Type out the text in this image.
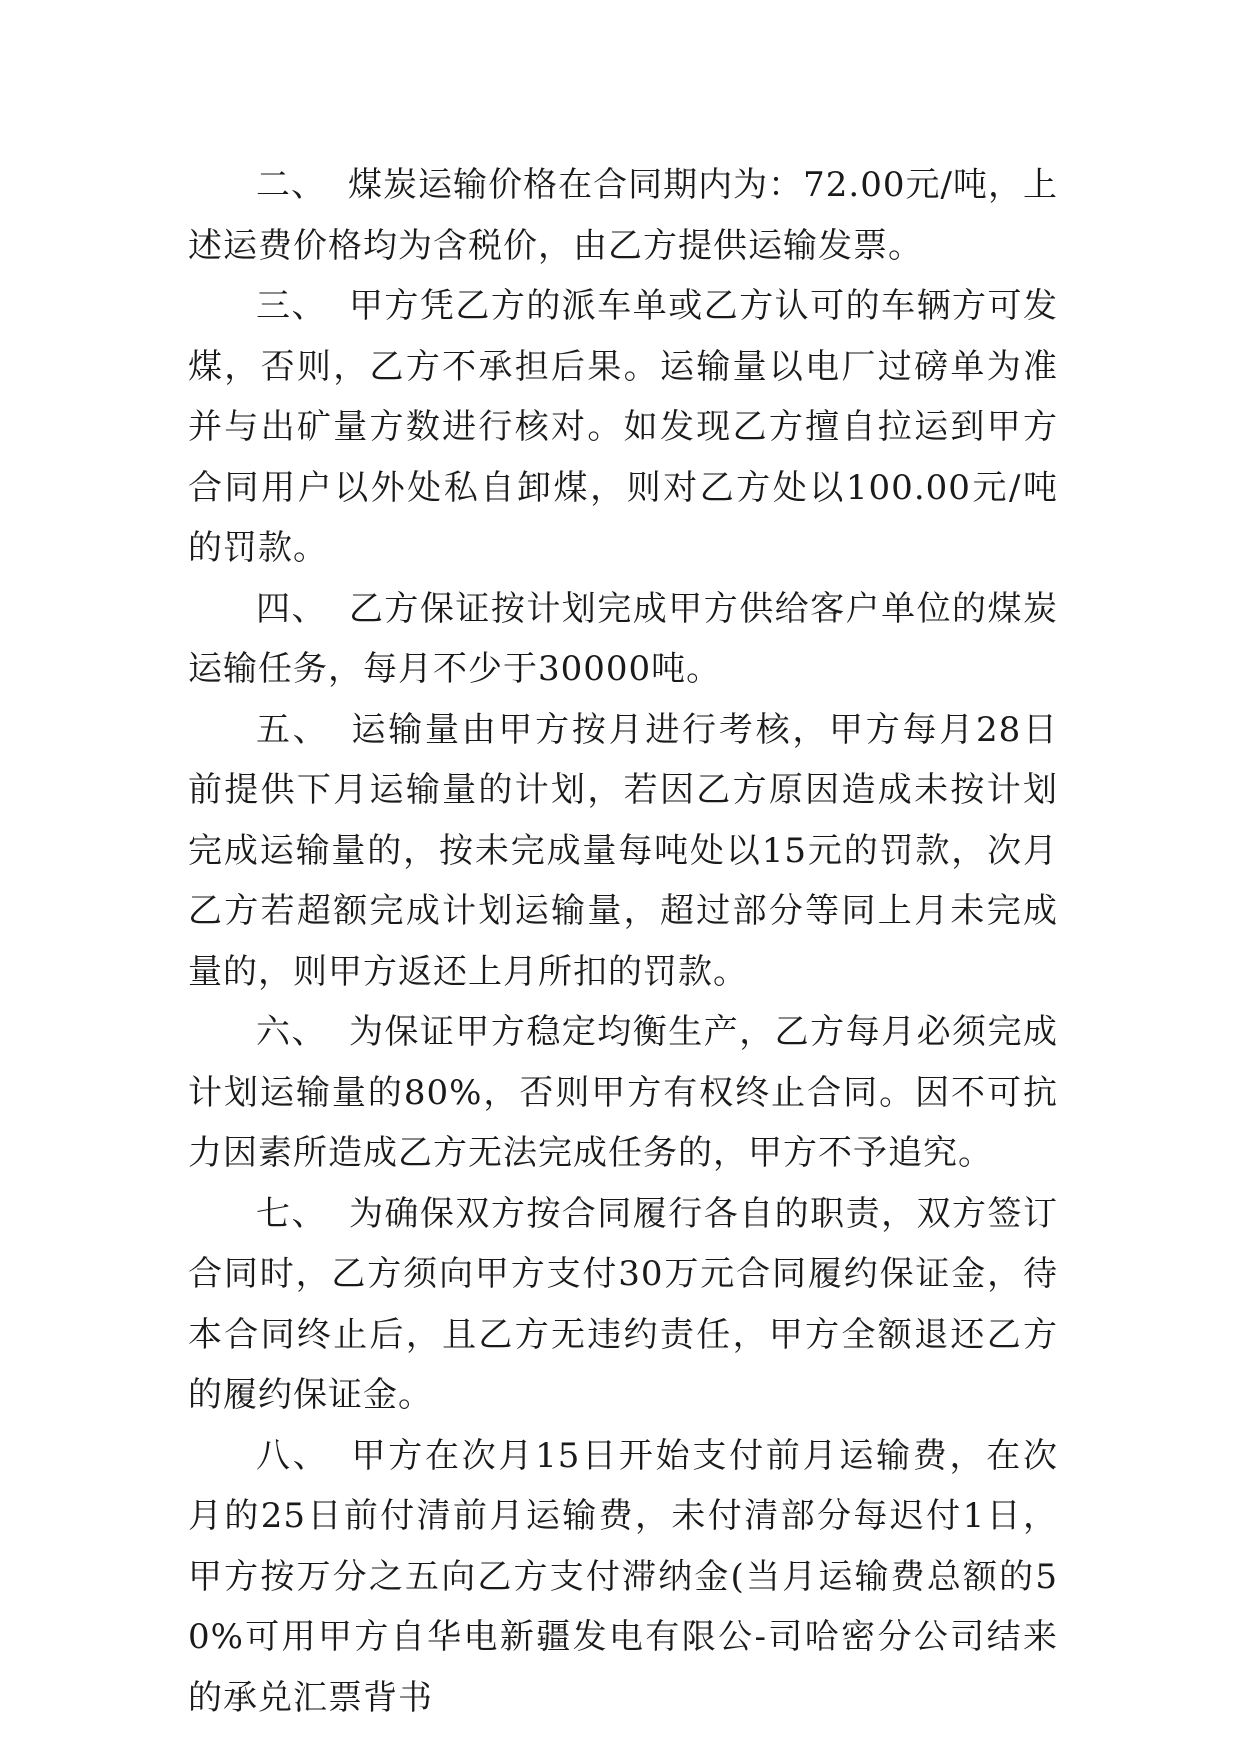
二、 煤炭运输价格在合同期内为：72.00元/吨，上述运费价格均为含税价，由乙方提供运输发票。

三、 甲方凭乙方的派车单或乙方认可的车辆方可发煤，否则，乙方不承担后果。运输量以电厂过磅单为准并与出矿量方数进行核对。如发现乙方擅自拉运到甲方合同用户以外处私自卸煤，则对乙方处以100.00元/吨的罚款。

四、 乙方保证按计划完成甲方供给客户单位的煤炭运输任务，每月不少于30000吨。

五、 运输量由甲方按月进行考核，甲方每月28日前提供下月运输量的计划，若因乙方原因造成未按计划完成运输量的，按未完成量每吨处以15元的罚款，次月乙方若超额完成计划运输量，超过部分等同上月未完成量的，则甲方返还上月所扣的罚款。

六、 为保证甲方稳定均衡生产，乙方每月必须完成计划运输量的80%，否则甲方有权终止合同。因不可抗力因素所造成乙方无法完成任务的，甲方不予追究。

七、 为确保双方按合同履行各自的职责，双方签订合同时，乙方须向甲方支付30万元合同履约保证金，待本合同终止后，且乙方无违约责任，甲方全额退还乙方的履约保证金。

八、 甲方在次月15日开始支付前月运输费，在次月的25日前付清前月运输费，未付清部分每迟付1日，甲方按万分之五向乙方支付滞纳金(当月运输费总额的50%可用甲方自华电新疆发电有限公-司哈密分公司结来的承兑汇票背书
